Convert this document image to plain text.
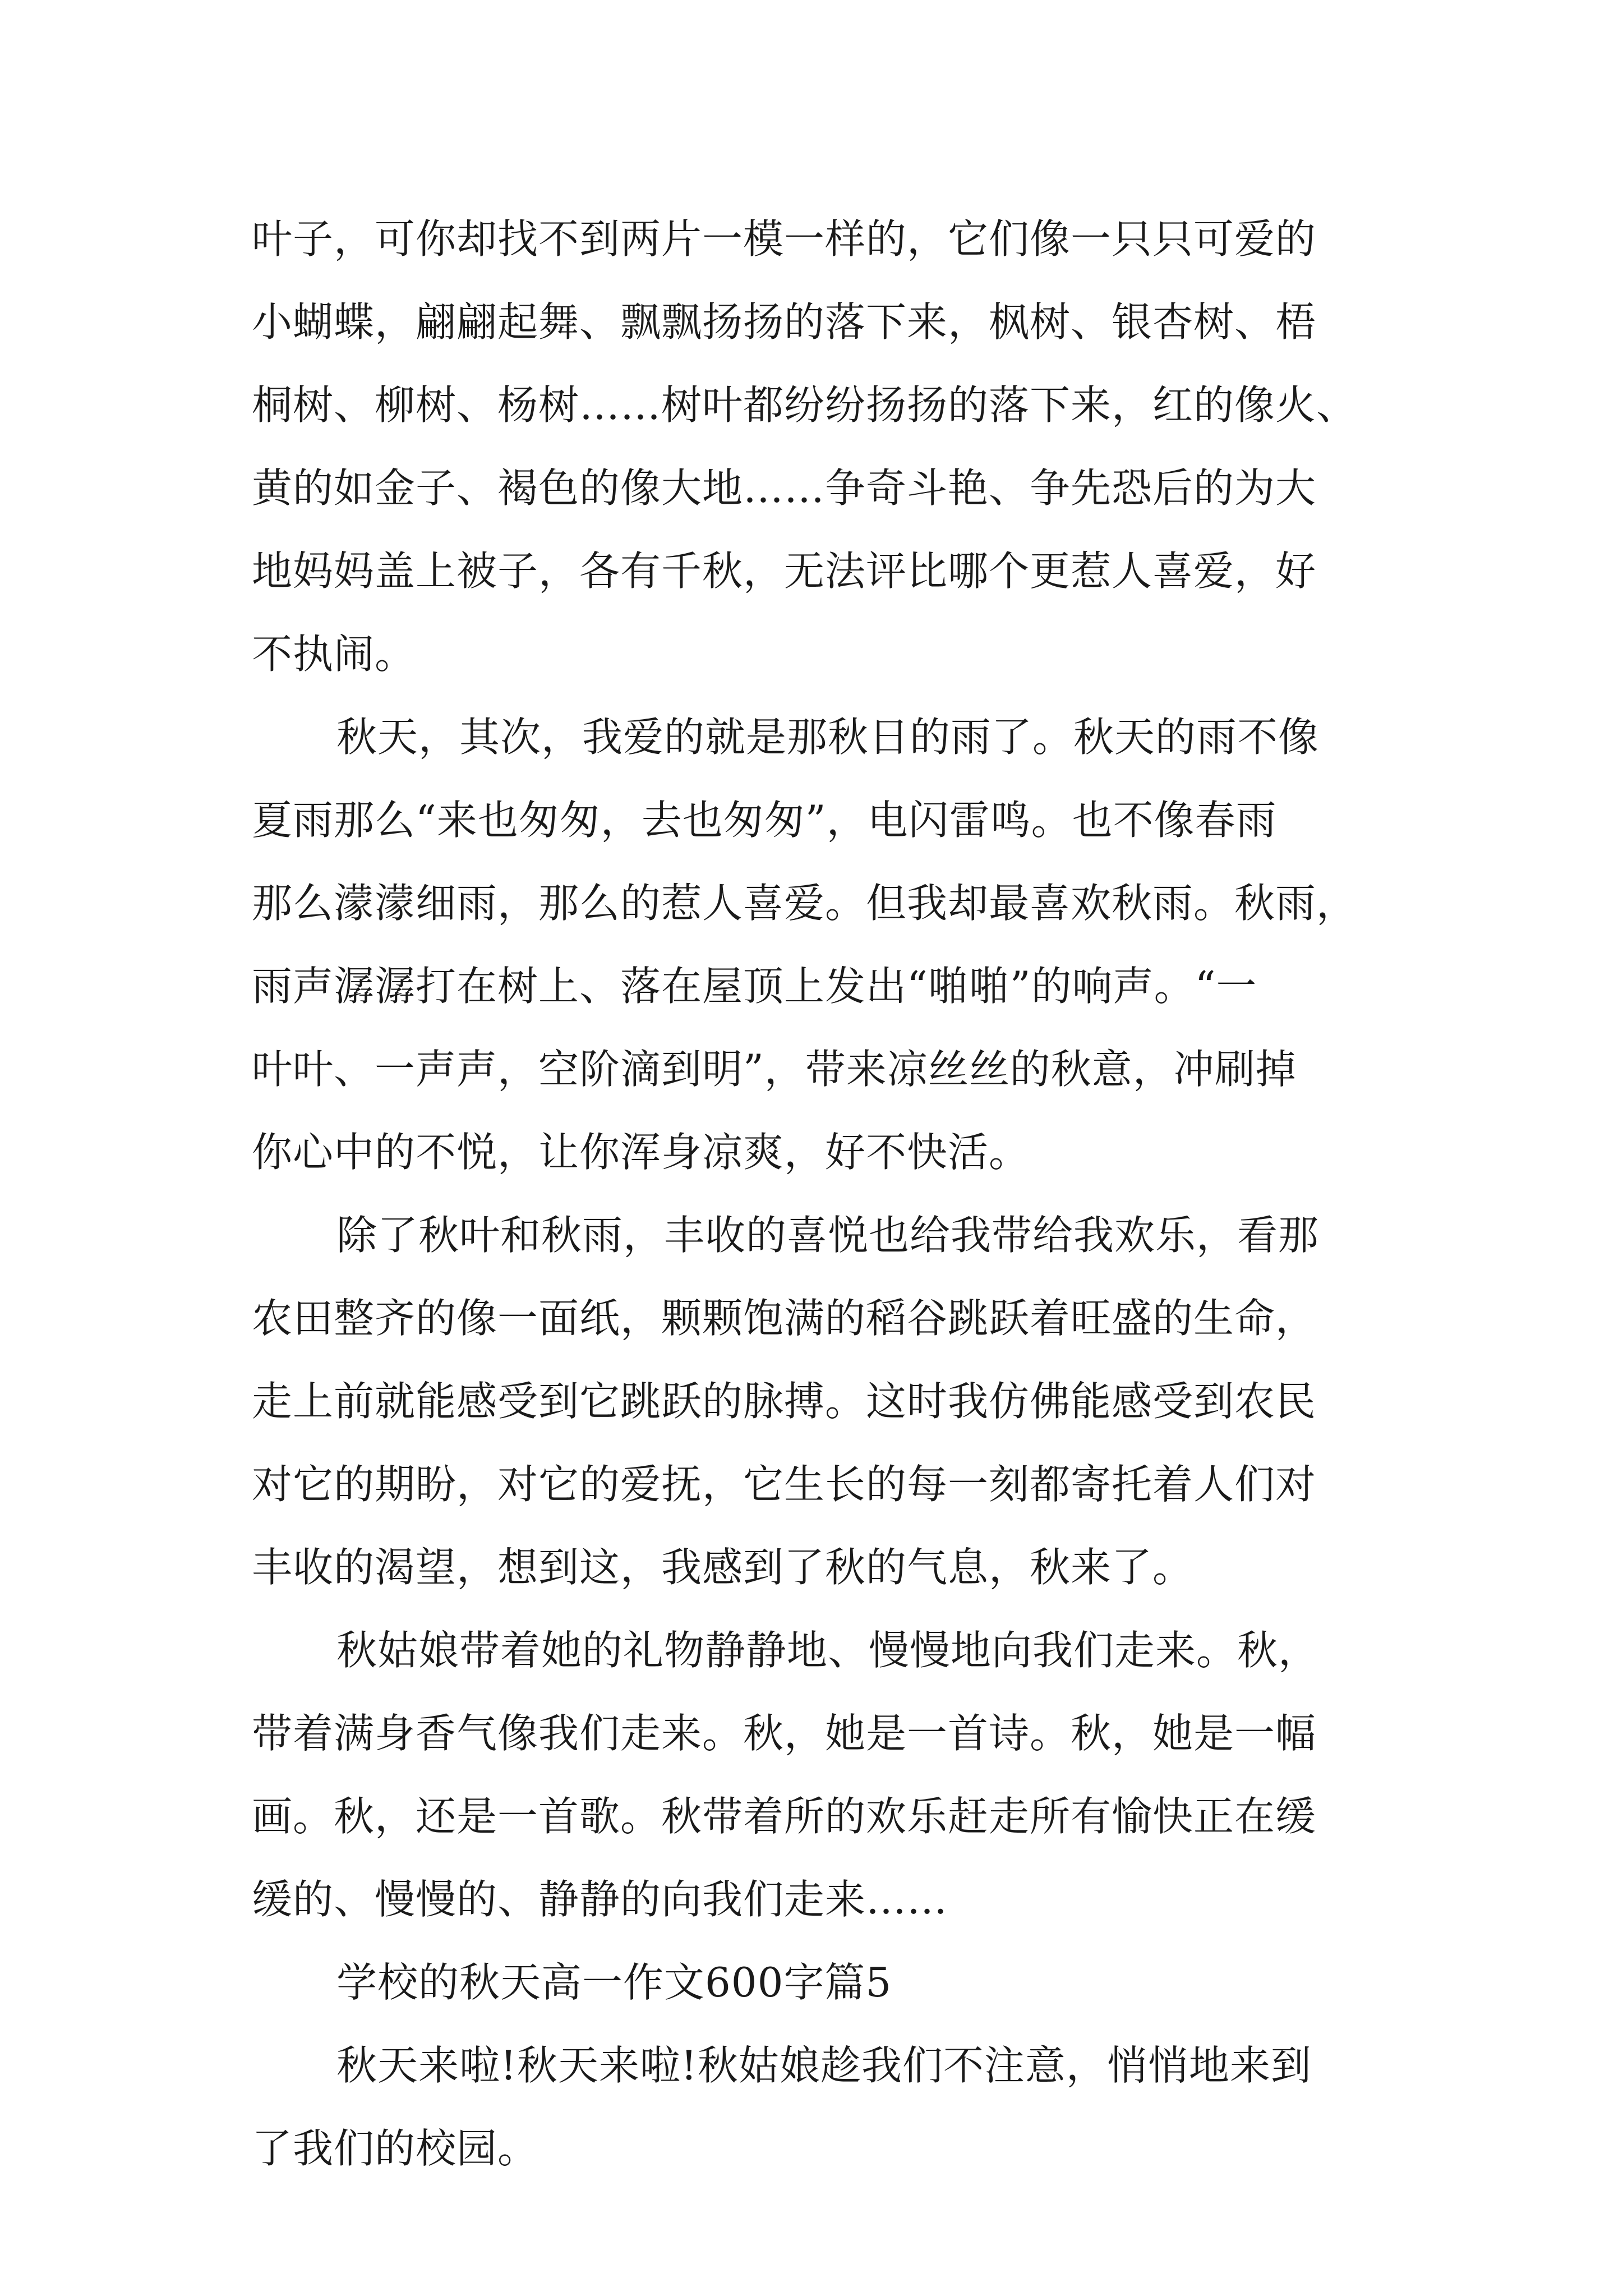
叶子，可你却找不到两片一模一样的，它们像一只只可爱的
小蝴蝶，翩翩起舞、飘飘扬扬的落下来，枫树、银杏树、梧
桐树、柳树、杨树……树叶都纷纷扬扬的落下来，红的像火、
黄的如金子、褐色的像大地……争奇斗艳、争先恐后的为大
地妈妈盖上被子，各有千秋，无法评比哪个更惹人喜爱，好
不执闹。
秋天，其次，我爱的就是那秋日的雨了。秋天的雨不像
夏雨那么“来也匆匆，去也匆匆”，电闪雷鸣。也不像春雨
那么濛濛细雨，那么的惹人喜爱。但我却最喜欢秋雨。秋雨，
雨声潺潺打在树上、落在屋顶上发出“啪啪”的响声。“一
叶叶、一声声，空阶滴到明”，带来凉丝丝的秋意，冲刷掉
你心中的不悦，让你浑身凉爽，好不快活。
除了秋叶和秋雨，丰收的喜悦也给我带给我欢乐，看那
农田整齐的像一面纸，颗颗饱满的稻谷跳跃着旺盛的生命，
走上前就能感受到它跳跃的脉搏。这时我仿佛能感受到农民
对它的期盼，对它的爱抚，它生长的每一刻都寄托着人们对
丰收的渴望，想到这，我感到了秋的气息，秋来了。
秋姑娘带着她的礼物静静地、慢慢地向我们走来。秋，
带着满身香气像我们走来。秋，她是一首诗。秋，她是一幅
画。秋，还是一首歌。秋带着所的欢乐赶走所有愉快正在缓
缓的、慢慢的、静静的向我们走来……
学校的秋天高一作文600字篇5
秋天来啦!秋天来啦!秋姑娘趁我们不注意，悄悄地来到
了我们的校园。
